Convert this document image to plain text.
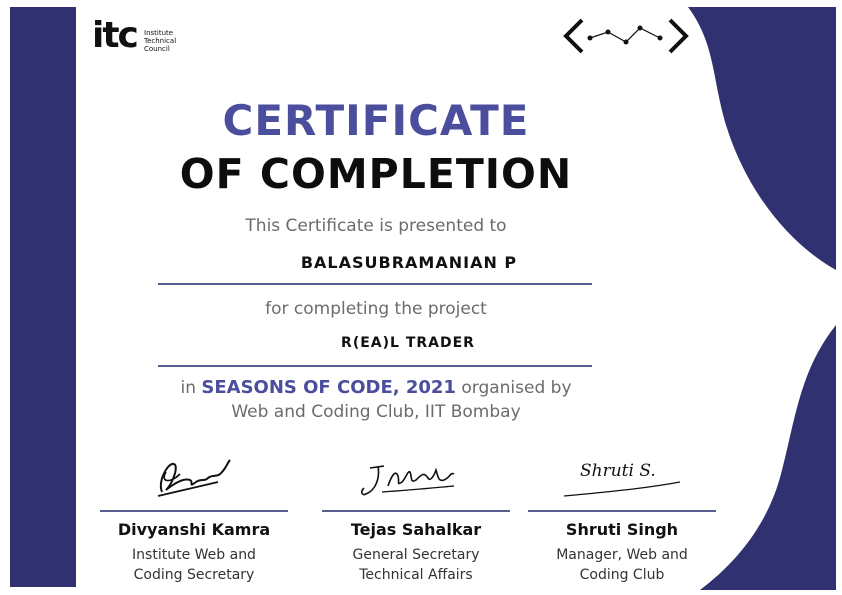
itc Institute
Technical
Council
CERTIFICATE
OF COMPLETION
This Certificate is presented to
BALASUBRAMANIAN P
for completing the project
R(EA)L TRADER
in SEASONS OF CODE, 2021 organised by
Web and Coding Club, IIT Bombay
Divyanshi Kamra
Institute Web and
Coding Secretary
Tejas Sahalkar
General Secretary
Technical Affairs
Shruti S.
Shruti Singh
Manager, Web and
Coding Club
